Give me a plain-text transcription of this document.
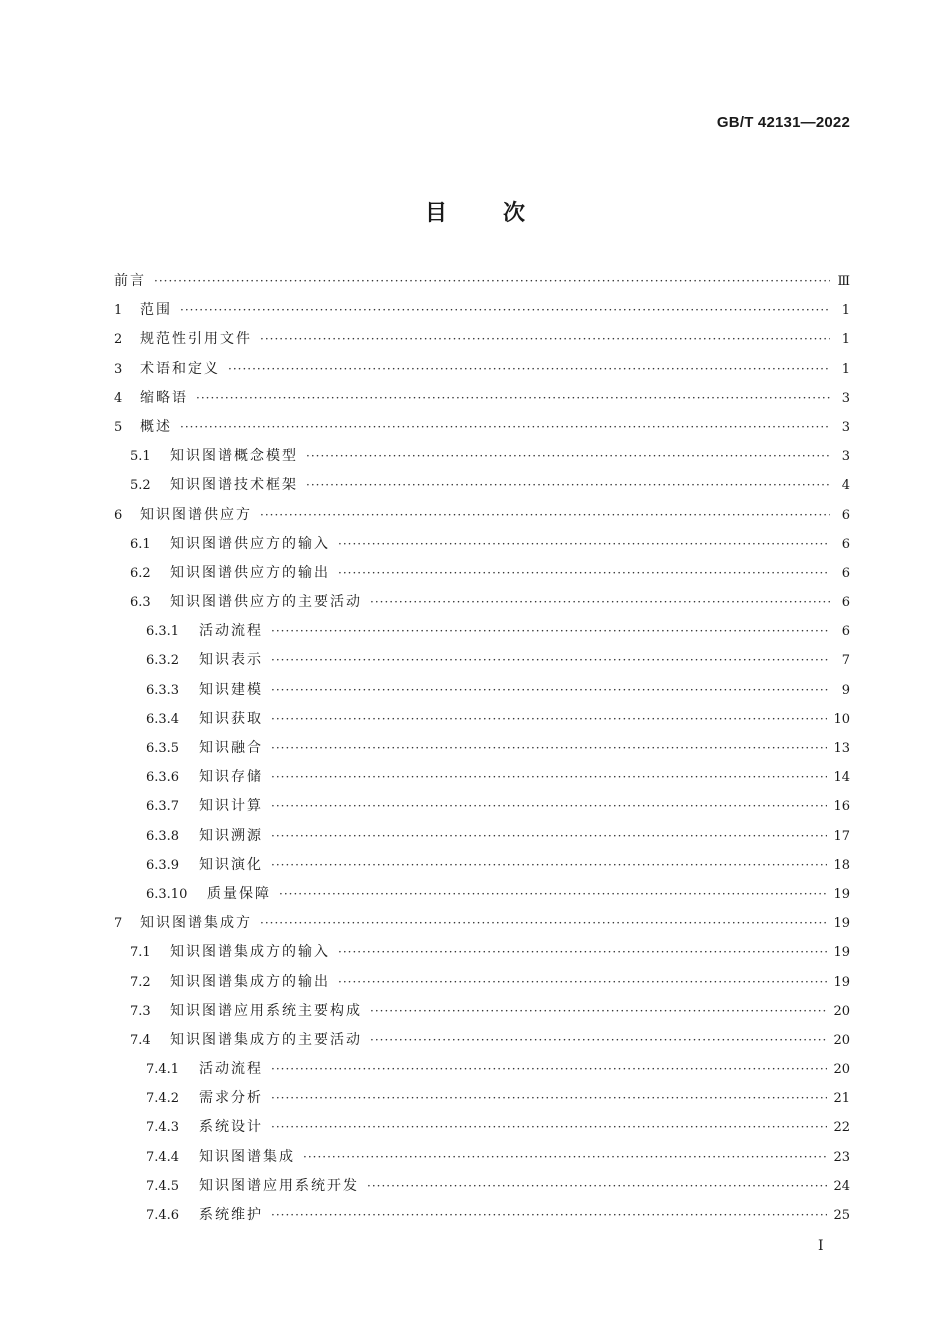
GB/T 42131—2022
目	次
前言 ·····	Ⅲ
1	范围 ·····	1
2	规范性引用文件 ·····	1
3	术语和定义 ·····	1
4	缩略语 ·····	3
5	概述 ·····	3
5.1	知识图谱概念模型 ·····	3
5.2	知识图谱技术框架 ·····	4
6	知识图谱供应方 ·····	6
6.1	知识图谱供应方的输入 ·····	6
6.2	知识图谱供应方的输出 ·····	6
6.3	知识图谱供应方的主要活动 ·····	6
6.3.1	活动流程 ·····	6
6.3.2	知识表示 ·····	7
6.3.3	知识建模 ·····	9
6.3.4	知识获取 ·····	10
6.3.5	知识融合 ·····	13
6.3.6	知识存储 ·····	14
6.3.7	知识计算 ·····	16
6.3.8	知识溯源 ·····	17
6.3.9	知识演化 ·····	18
6.3.10	质量保障 ·····	19
7	知识图谱集成方 ·····	19
7.1	知识图谱集成方的输入 ·····	19
7.2	知识图谱集成方的输出 ·····	19
7.3	知识图谱应用系统主要构成 ·····	20
7.4	知识图谱集成方的主要活动 ·····	20
7.4.1	活动流程 ·····	20
7.4.2	需求分析 ·····	21
7.4.3	系统设计 ·····	22
7.4.4	知识图谱集成 ·····	23
7.4.5	知识图谱应用系统开发 ·····	24
7.4.6	系统维护 ·····	25
Ⅰ
